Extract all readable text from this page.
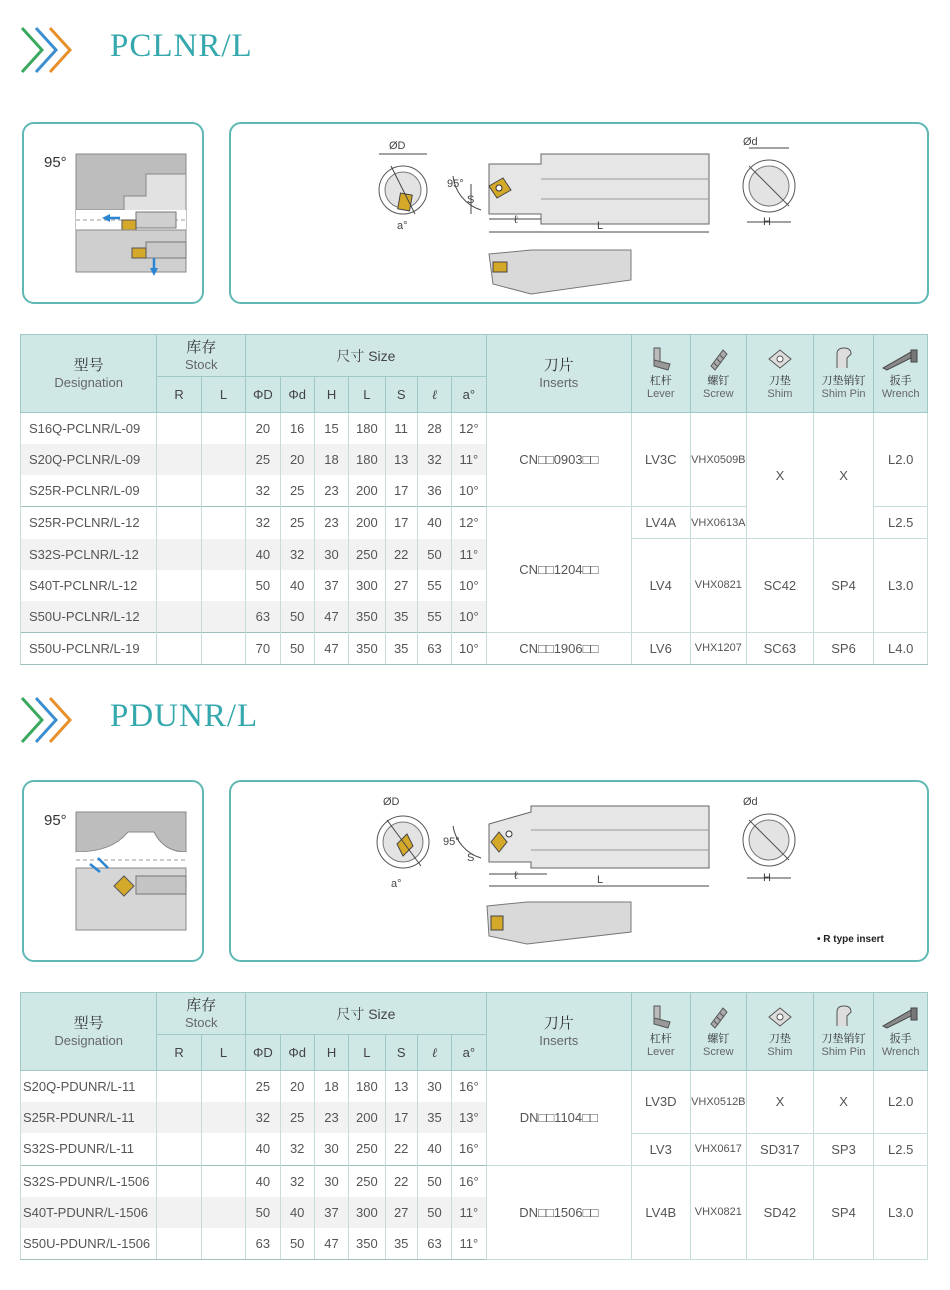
PCLNR/L
95°
ØD
95°
S
ℓ	L
a°
Ød
H
型号
Designation	库存
Stock		尺寸 Size							刀片
Inserts	杠杆
Lever	螺钉
Screw	刀垫
Shim	刀垫销钉
Shim Pin	扳手
Wrench

	R	L	ΦD	Φd	H	L	S	ℓ	a°						
S16Q-PCLNR/L-09			20	16	15	180	11	28	12°	CN□□0903□□	LV3C	VHX0509B	X	X	L2.0
S20Q-PCLNR/L-09			25	20	18	180	13	32	11°						
S25R-PCLNR/L-09			32	25	23	200	17	36	10°						
S25R-PCLNR/L-12			32	25	23	200	17	40	12°	CN□□1204□□	LV4A	VHX0613A			L2.5
S32S-PCLNR/L-12			40	32	30	250	22	50	11°		LV4	VHX0821	SC42	SP4	L3.0
S40T-PCLNR/L-12			50	40	37	300	27	55	10°						
S50U-PCLNR/L-12			63	50	47	350	35	55	10°						
S50U-PCLNR/L-19			70	50	47	350	35	63	10°	CN□□1906□□	LV6	VHX1207	SC63	SP6	L4.0
PDUNR/L
95°
ØD
95°
S
ℓ	L
a°
Ød
H
• R type insert
型号
Designation	库存
Stock		尺寸 Size							刀片
Inserts	杠杆
Lever	螺钉
Screw	刀垫
Shim	刀垫销钉
Shim Pin	扳手
Wrench

	R	L	ΦD	Φd	H	L	S	ℓ	a°						
S20Q-PDUNR/L-11			25	20	18	180	13	30	16°	DN□□1104□□	LV3D	VHX0512B	X	X	L2.0
S25R-PDUNR/L-11			32	25	23	200	17	35	13°						
S32S-PDUNR/L-11			40	32	30	250	22	40	16°		LV3	VHX0617	SD317	SP3	L2.5
S32S-PDUNR/L-1506			40	32	30	250	22	50	16°	DN□□1506□□	LV4B	VHX0821	SD42	SP4	L3.0
S40T-PDUNR/L-1506			50	40	37	300	27	50	11°						
S50U-PDUNR/L-1506			63	50	47	350	35	63	11°						
